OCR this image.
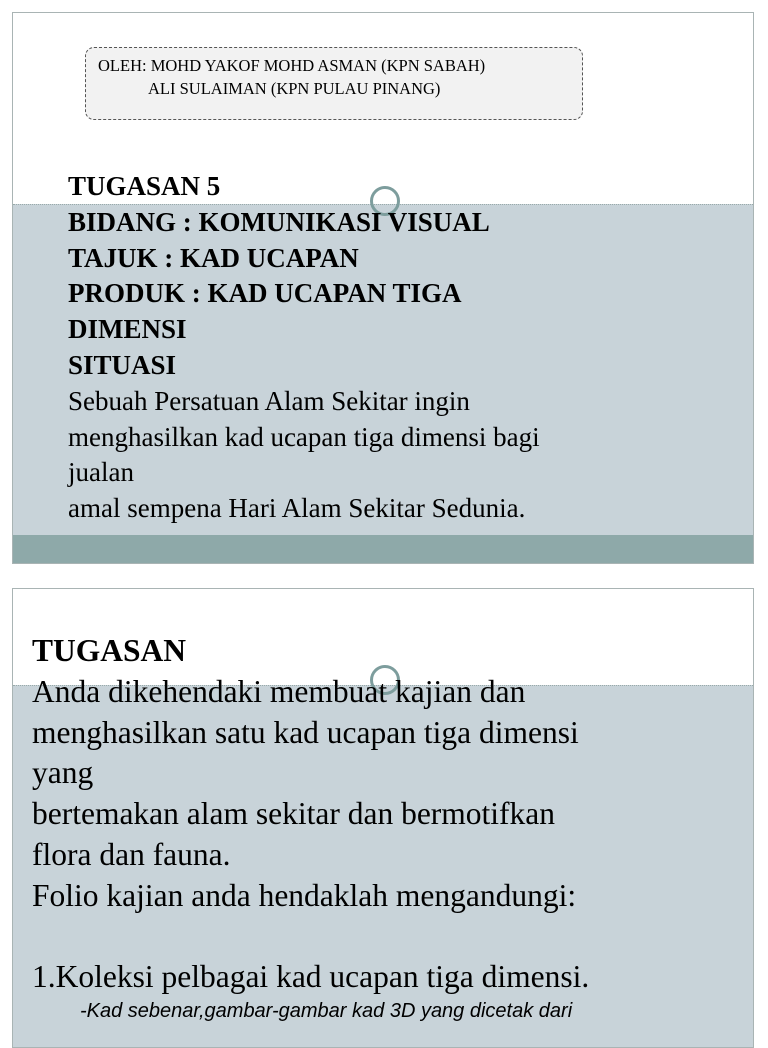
OLEH: MOHD YAKOF MOHD ASMAN (KPN SABAH)
ALI SULAIMAN (KPN PULAU PINANG)
TUGASAN 5
BIDANG : KOMUNIKASI VISUAL
TAJUK : KAD UCAPAN
PRODUK : KAD UCAPAN TIGA
DIMENSI
SITUASI
Sebuah Persatuan Alam Sekitar ingin
menghasilkan kad ucapan tiga dimensi bagi
jualan
amal sempena Hari Alam Sekitar Sedunia.
TUGASAN
Anda dikehendaki membuat kajian dan
menghasilkan satu kad ucapan tiga dimensi
yang
bertemakan alam sekitar dan bermotifkan
flora dan fauna.
Folio kajian anda hendaklah mengandungi:
1.Koleksi pelbagai kad ucapan tiga dimensi.
-Kad sebenar,gambar-gambar kad 3D yang dicetak dari
